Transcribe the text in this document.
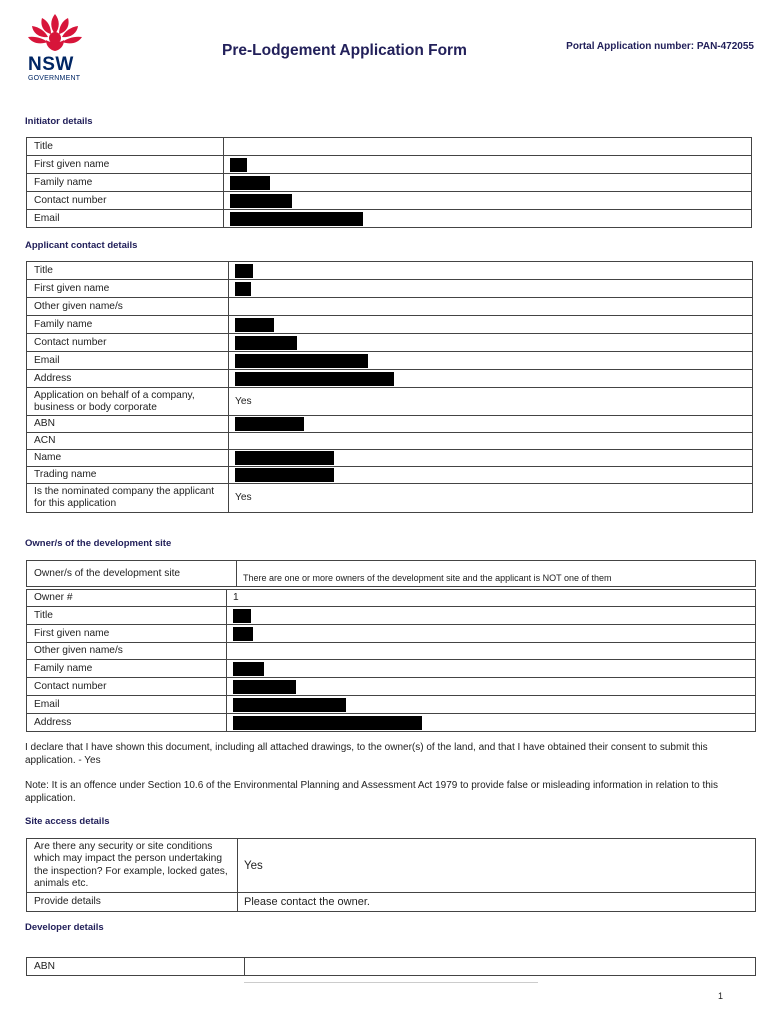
NSW
GOVERNMENT
Pre-Lodgement Application Form	Portal Application number: PAN-472055
Initiator details
Title	
First given name	
Family name	
Contact number	
Email	
Applicant contact details
Title	
First given name	
Other given name/s	
Family name	
Contact number	
Email	
Address	
Application on behalf of a company, business or body corporate	Yes
ABN	
ACN	
Name	
Trading name	
Is the nominated company the applicant for this application	Yes
Owner/s of the development site
Owner/s of the development site	There are one or more owners of the development site and the applicant is NOT one of them
Owner #	1
Title	
First given name	
Other given name/s	
Family name	
Contact number	
Email	
Address	
I declare that I have shown this document, including all attached drawings, to the owner(s) of the land, and that I have obtained their consent to submit this application. - Yes
Note: It is an offence under Section 10.6 of the Environmental Planning and Assessment Act 1979 to provide false or misleading information in relation to this application.
Site access details
Are there any security or site conditions which may impact the person undertaking the inspection? For example, locked gates, animals etc.	Yes
Provide details	Please contact the owner.
Developer details
ABN	
1
